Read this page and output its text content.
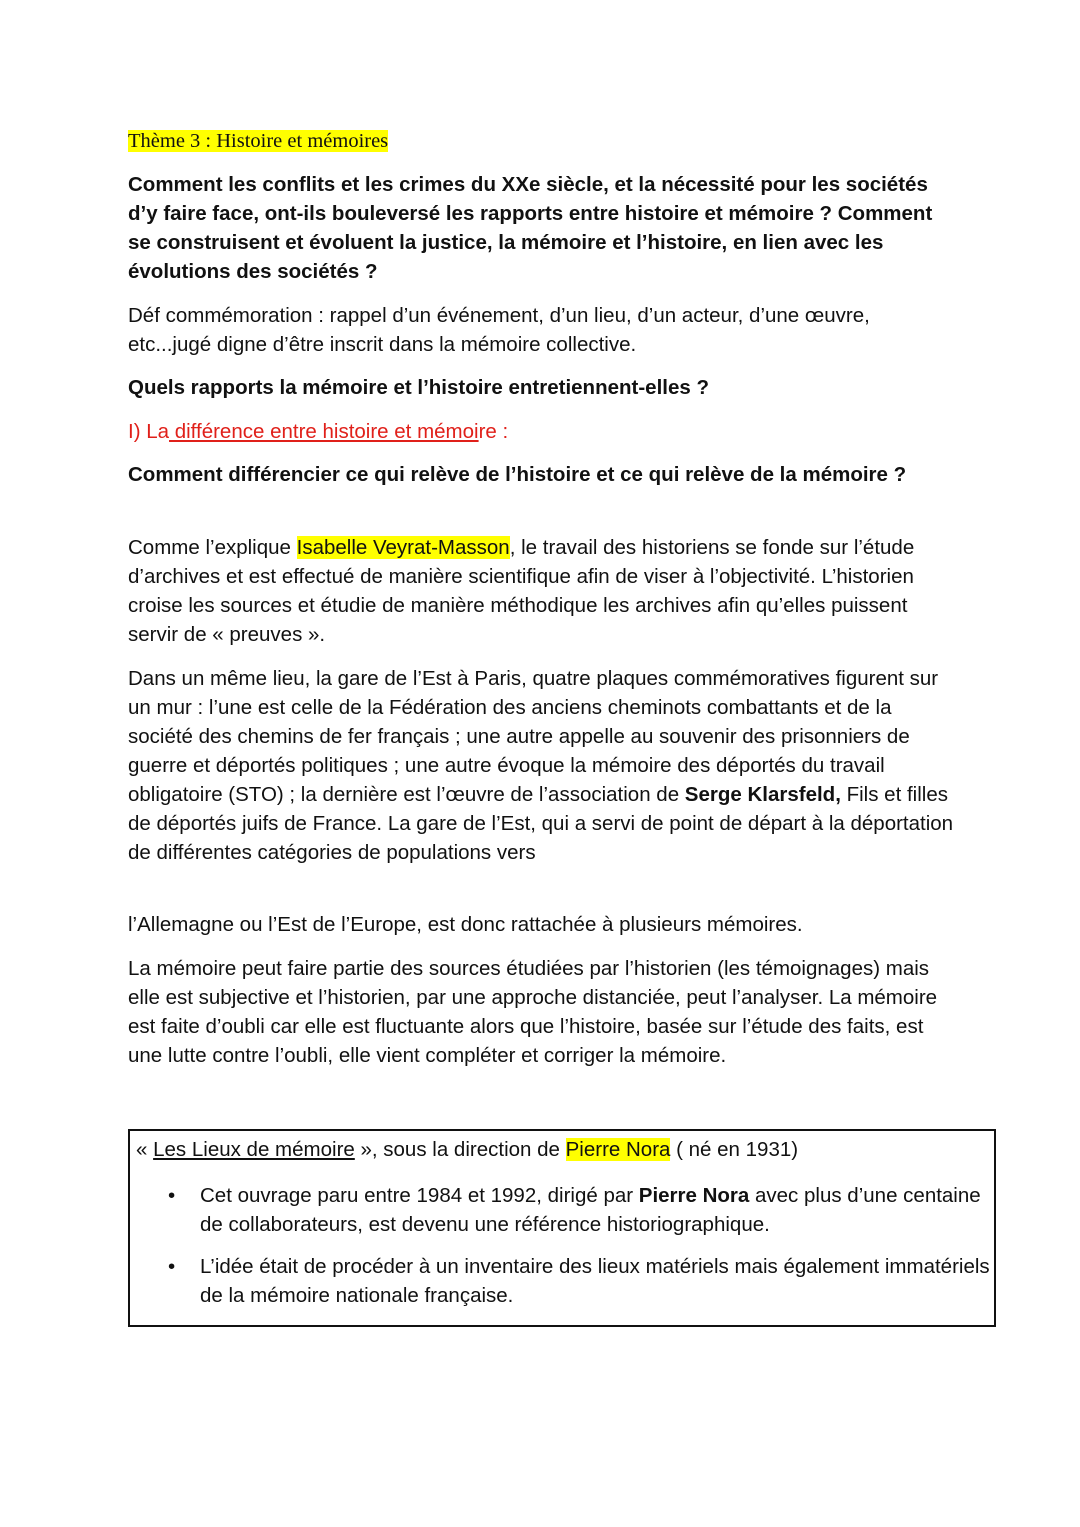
Thème 3 : Histoire et mémoires

Comment les conflits et les crimes du XXe siècle, et la nécessité pour les sociétés d’y faire face, ont-ils bouleversé les rapports entre histoire et mémoire ? Comment se construisent et évoluent la justice, la mémoire et l’histoire, en lien avec les évolutions des sociétés ?

Déf commémoration : rappel d’un événement, d’un lieu, d’un acteur, d’une œuvre, etc...jugé digne d’être inscrit dans la mémoire collective.

Quels rapports la mémoire et l’histoire entretiennent-elles ?

I) La différence entre histoire et mémoire :

Comment différencier ce qui relève de l’histoire et ce qui relève de la mémoire ?

Comme l’explique Isabelle Veyrat-Masson, le travail des historiens se fonde sur l’étude d’archives et est effectué de manière scientifique afin de viser à l’objectivité. L’historien croise les sources et étudie de manière méthodique les archives afin qu’elles puissent servir de « preuves ».

Dans un même lieu, la gare de l’Est à Paris, quatre plaques commémoratives figurent sur un mur : l’une est celle de la Fédération des anciens cheminots combattants et de la société des chemins de fer français ; une autre appelle au souvenir des prisonniers de guerre et déportés politiques ; une autre évoque la mémoire des déportés du travail obligatoire (STO) ; la dernière est l’œuvre de l’association de Serge Klarsfeld, Fils et filles de déportés juifs de France. La gare de l’Est, qui a servi de point de départ à la déportation de différentes catégories de populations vers

l’Allemagne ou l’Est de l’Europe, est donc rattachée à plusieurs mémoires.

La mémoire peut faire partie des sources étudiées par l’historien (les témoignages) mais elle est subjective et l’historien, par une approche distanciée, peut l’analyser. La mémoire est faite d’oubli car elle est fluctuante alors que l’histoire, basée sur l’étude des faits, est une lutte contre l’oubli, elle vient compléter et corriger la mémoire.

« Les Lieux de mémoire », sous la direction de Pierre Nora ( né en 1931)
• Cet ouvrage paru entre 1984 et 1992, dirigé par Pierre Nora avec plus d’une centaine de collaborateurs, est devenu une référence historiographique.
• L’idée était de procéder à un inventaire des lieux matériels mais également immatériels de la mémoire nationale française.
